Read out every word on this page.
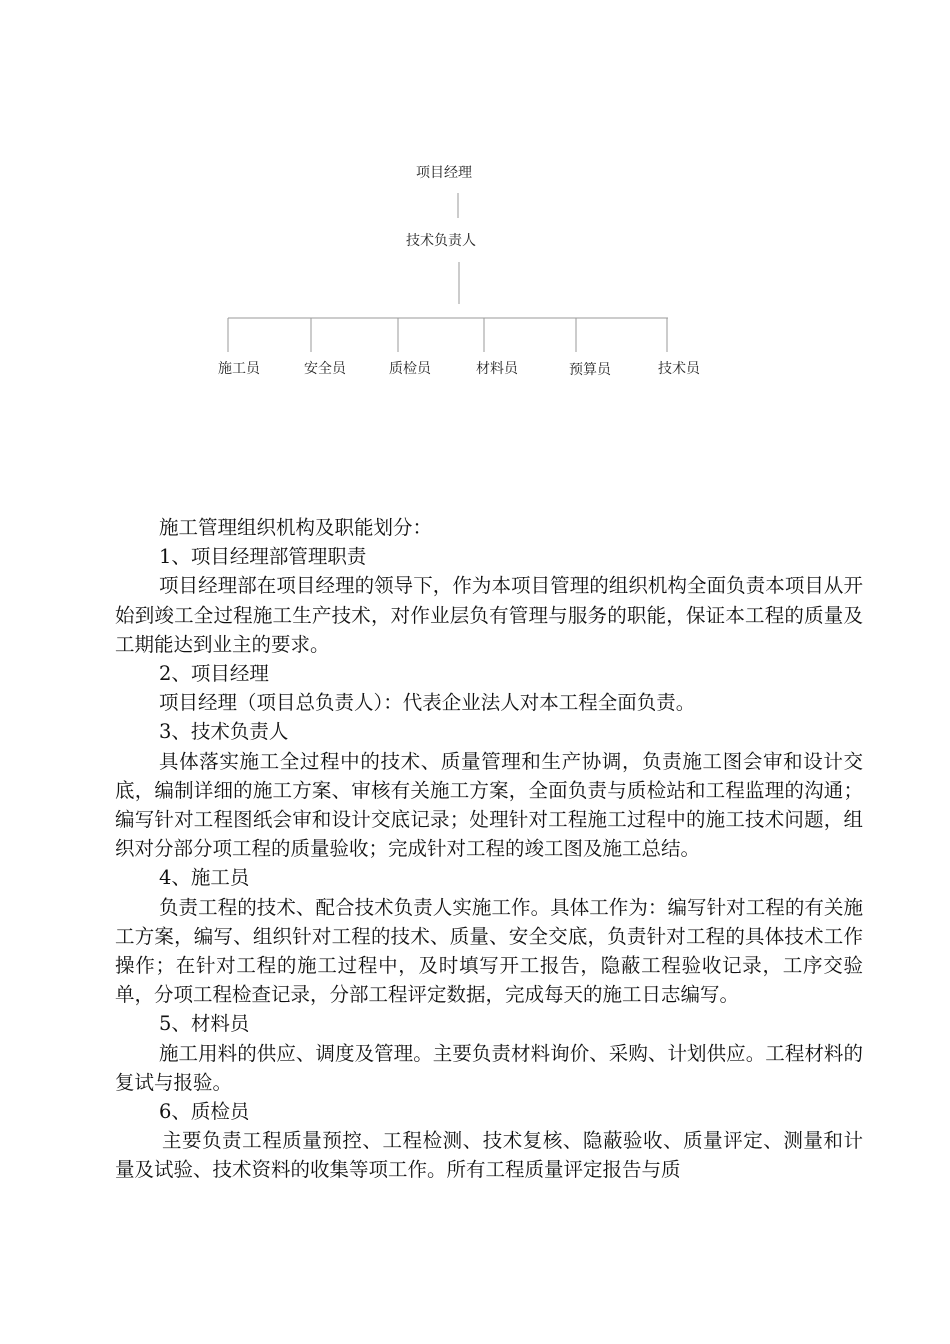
项目经理
技术负责人
施工员	安全员	质检员	材料员	预算员	技术员

施工管理组织机构及职能划分：

1、项目经理部管理职责

项目经理部在项目经理的领导下，作为本项目管理的组织机构全面负责本项目从开始到竣工全过程施工生产技术，对作业层负有管理与服务的职能，保证本工程的质量及工期能达到业主的要求。

2、项目经理

项目经理（项目总负责人）：代表企业法人对本工程全面负责。

3、技术负责人

具体落实施工全过程中的技术、质量管理和生产协调，负责施工图会审和设计交底，编制详细的施工方案、审核有关施工方案，全面负责与质检站和工程监理的沟通；编写针对工程图纸会审和设计交底记录；处理针对工程施工过程中的施工技术问题，组织对分部分项工程的质量验收；完成针对工程的竣工图及施工总结。

4、施工员

负责工程的技术、配合技术负责人实施工作。具体工作为：编写针对工程的有关施工方案，编写、组织针对工程的技术、质量、安全交底，负责针对工程的具体技术工作操作；在针对工程的施工过程中，及时填写开工报告，隐蔽工程验收记录，工序交验单，分项工程检查记录，分部工程评定数据，完成每天的施工日志编写。

5、材料员

施工用料的供应、调度及管理。主要负责材料询价、采购、计划供应。工程材料的复试与报验。

6、质检员

主要负责工程质量预控、工程检测、技术复核、隐蔽验收、质量评定、测量和计量及试验、技术资料的收集等项工作。所有工程质量评定报告与质
